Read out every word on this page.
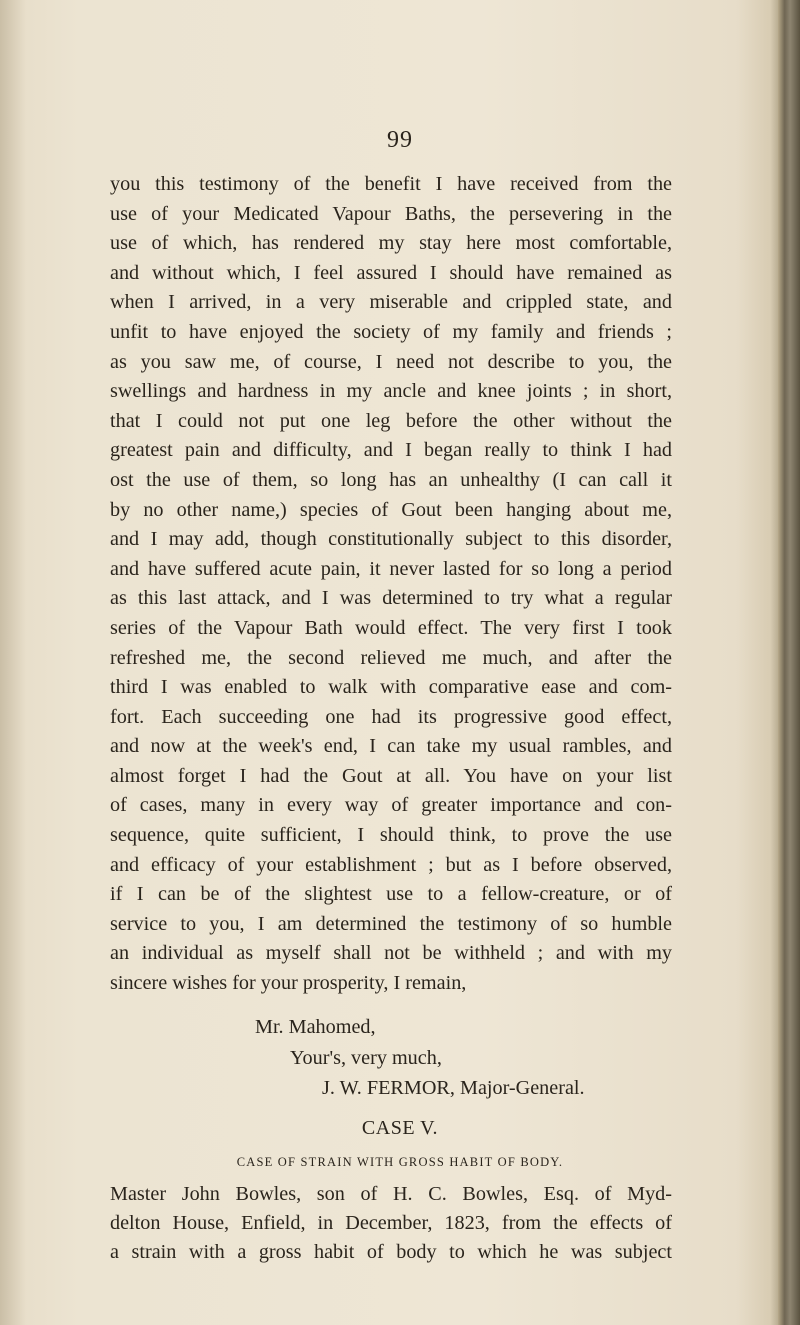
99
you this testimony of the benefit I have received from the
use of your Medicated Vapour Baths, the persevering in the
use of which, has rendered my stay here most comfortable,
and without which, I feel assured I should have remained as
when I arrived, in a very miserable and crippled state, and
unfit to have enjoyed the society of my family and friends ;
as you saw me, of course, I need not describe to you, the
swellings and hardness in my ancle and knee joints ; in short,
that I could not put one leg before the other without the
greatest pain and difficulty, and I began really to think I had
ost the use of them, so long has an unhealthy (I can call it
by no other name,) species of Gout been hanging about me,
and I may add, though constitutionally subject to this disorder,
and have suffered acute pain, it never lasted for so long a period
as this last attack, and I was determined to try what a regular
series of the Vapour Bath would effect. The very first I took
refreshed me, the second relieved me much, and after the
third I was enabled to walk with comparative ease and com-
fort. Each succeeding one had its progressive good effect,
and now at the week's end, I can take my usual rambles, and
almost forget I had the Gout at all. You have on your list
of cases, many in every way of greater importance and con-
sequence, quite sufficient, I should think, to prove the use
and efficacy of your establishment ; but as I before observed,
if I can be of the slightest use to a fellow-creature, or of
service to you, I am determined the testimony of so humble
an individual as myself shall not be withheld ; and with my
sincere wishes for your prosperity, I remain,
Mr. Mahomed,
Your's, very much,
J. W. FERMOR, Major-General.
CASE V.
CASE OF STRAIN WITH GROSS HABIT OF BODY.
Master John Bowles, son of H. C. Bowles, Esq. of Myd-
delton House, Enfield, in December, 1823, from the effects of
a strain with a gross habit of body to which he was subject
